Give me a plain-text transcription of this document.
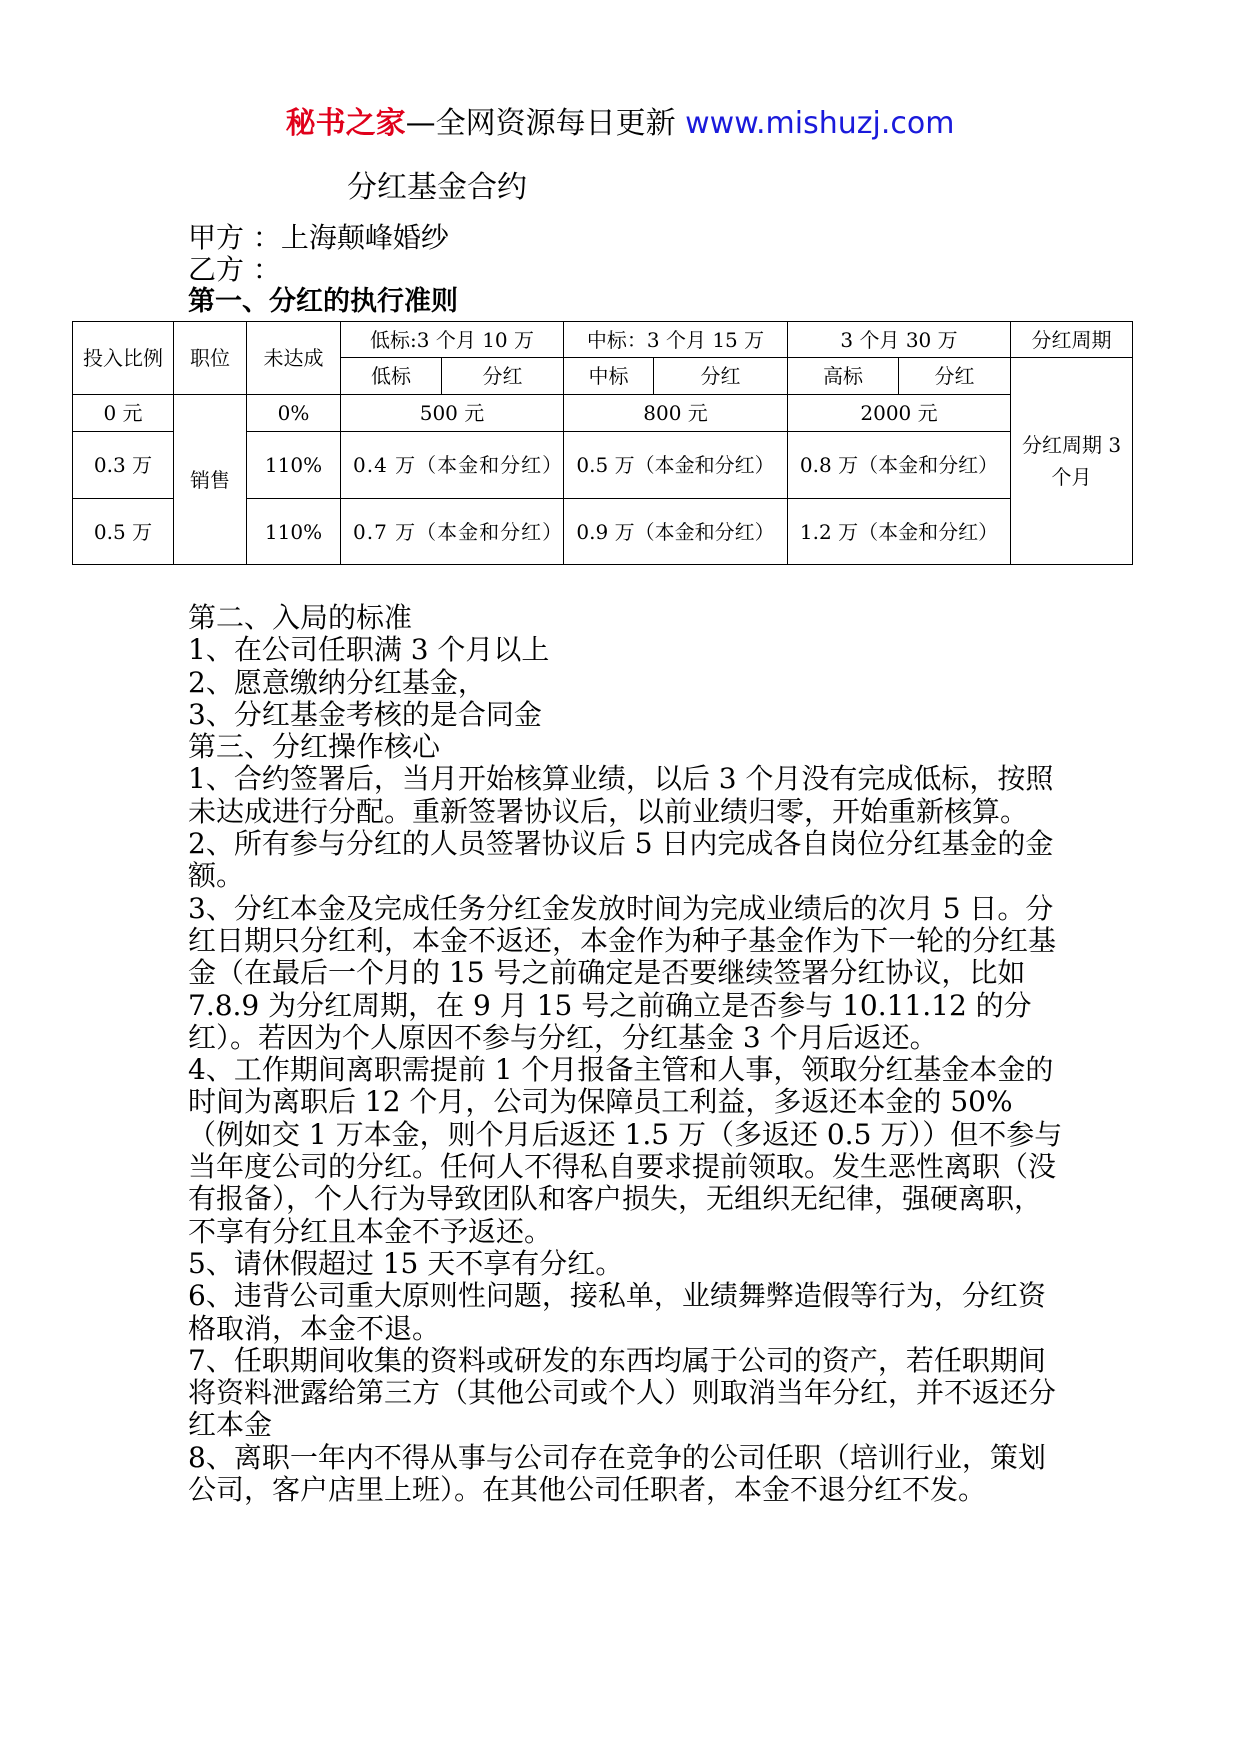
秘书之家—全网资源每日更新 www.mishuzj.com
分红基金合约
甲方 ：上海颠峰婚纱
乙方 ：
第一、分红的执行准则
投入比例	职位	未达成	低标:3 个月 10 万		中标：3 个月 15 万		3 个月 30 万		分红周期
			低标	分红	中标	分红	高标	分红	分红周期 3 个月
0 元	销售	0%	500 元		800 元		2000 元		
0.3 万		110%	0.4 万（本金和分红）		0.5 万（本金和分红）		0.8 万（本金和分红）		
0.5 万		110%	0.7 万（本金和分红）		0.9 万（本金和分红）		1.2 万（本金和分红）		

第二、入局的标准

1、在公司任职满 3 个月以上

2、愿意缴纳分红基金，

3、分红基金考核的是合同金

第三、分红操作核心

1、合约签署后，当月开始核算业绩，以后 3 个月没有完成低标，按照未达成进行分配。重新签署协议后，以前业绩归零，开始重新核算。

2、所有参与分红的人员签署协议后 5 日内完成各自岗位分红基金的金额。

3、分红本金及完成任务分红金发放时间为完成业绩后的次月 5 日。分红日期只分红利，本金不返还，本金作为种子基金作为下一轮的分红基金（在最后一个月的 15 号之前确定是否要继续签署分红协议，比如 7.8.9 为分红周期，在 9 月 15 号之前确立是否参与 10.11.12 的分红）。若因为个人原因不参与分红，分红基金 3 个月后返还。

4、工作期间离职需提前 1 个月报备主管和人事，领取分红基金本金的时间为离职后 12 个月，公司为保障员工利益，多返还本金的 50%（例如交 1 万本金，则个月后返还 1.5 万（多返还 0.5 万））但不参与当年度公司的分红。任何人不得私自要求提前领取。发生恶性离职（没有报备），个人行为导致团队和客户损失，无组织无纪律，强硬离职，不享有分红且本金不予返还。

5、请休假超过 15 天不享有分红。

6、违背公司重大原则性问题，接私单，业绩舞弊造假等行为，分红资格取消，本金不退。

7、任职期间收集的资料或研发的东西均属于公司的资产，若任职期间将资料泄露给第三方（其他公司或个人）则取消当年分红，并不返还分红本金

8、离职一年内不得从事与公司存在竞争的公司任职（培训行业，策划公司，客户店里上班）。在其他公司任职者，本金不退分红不发。
